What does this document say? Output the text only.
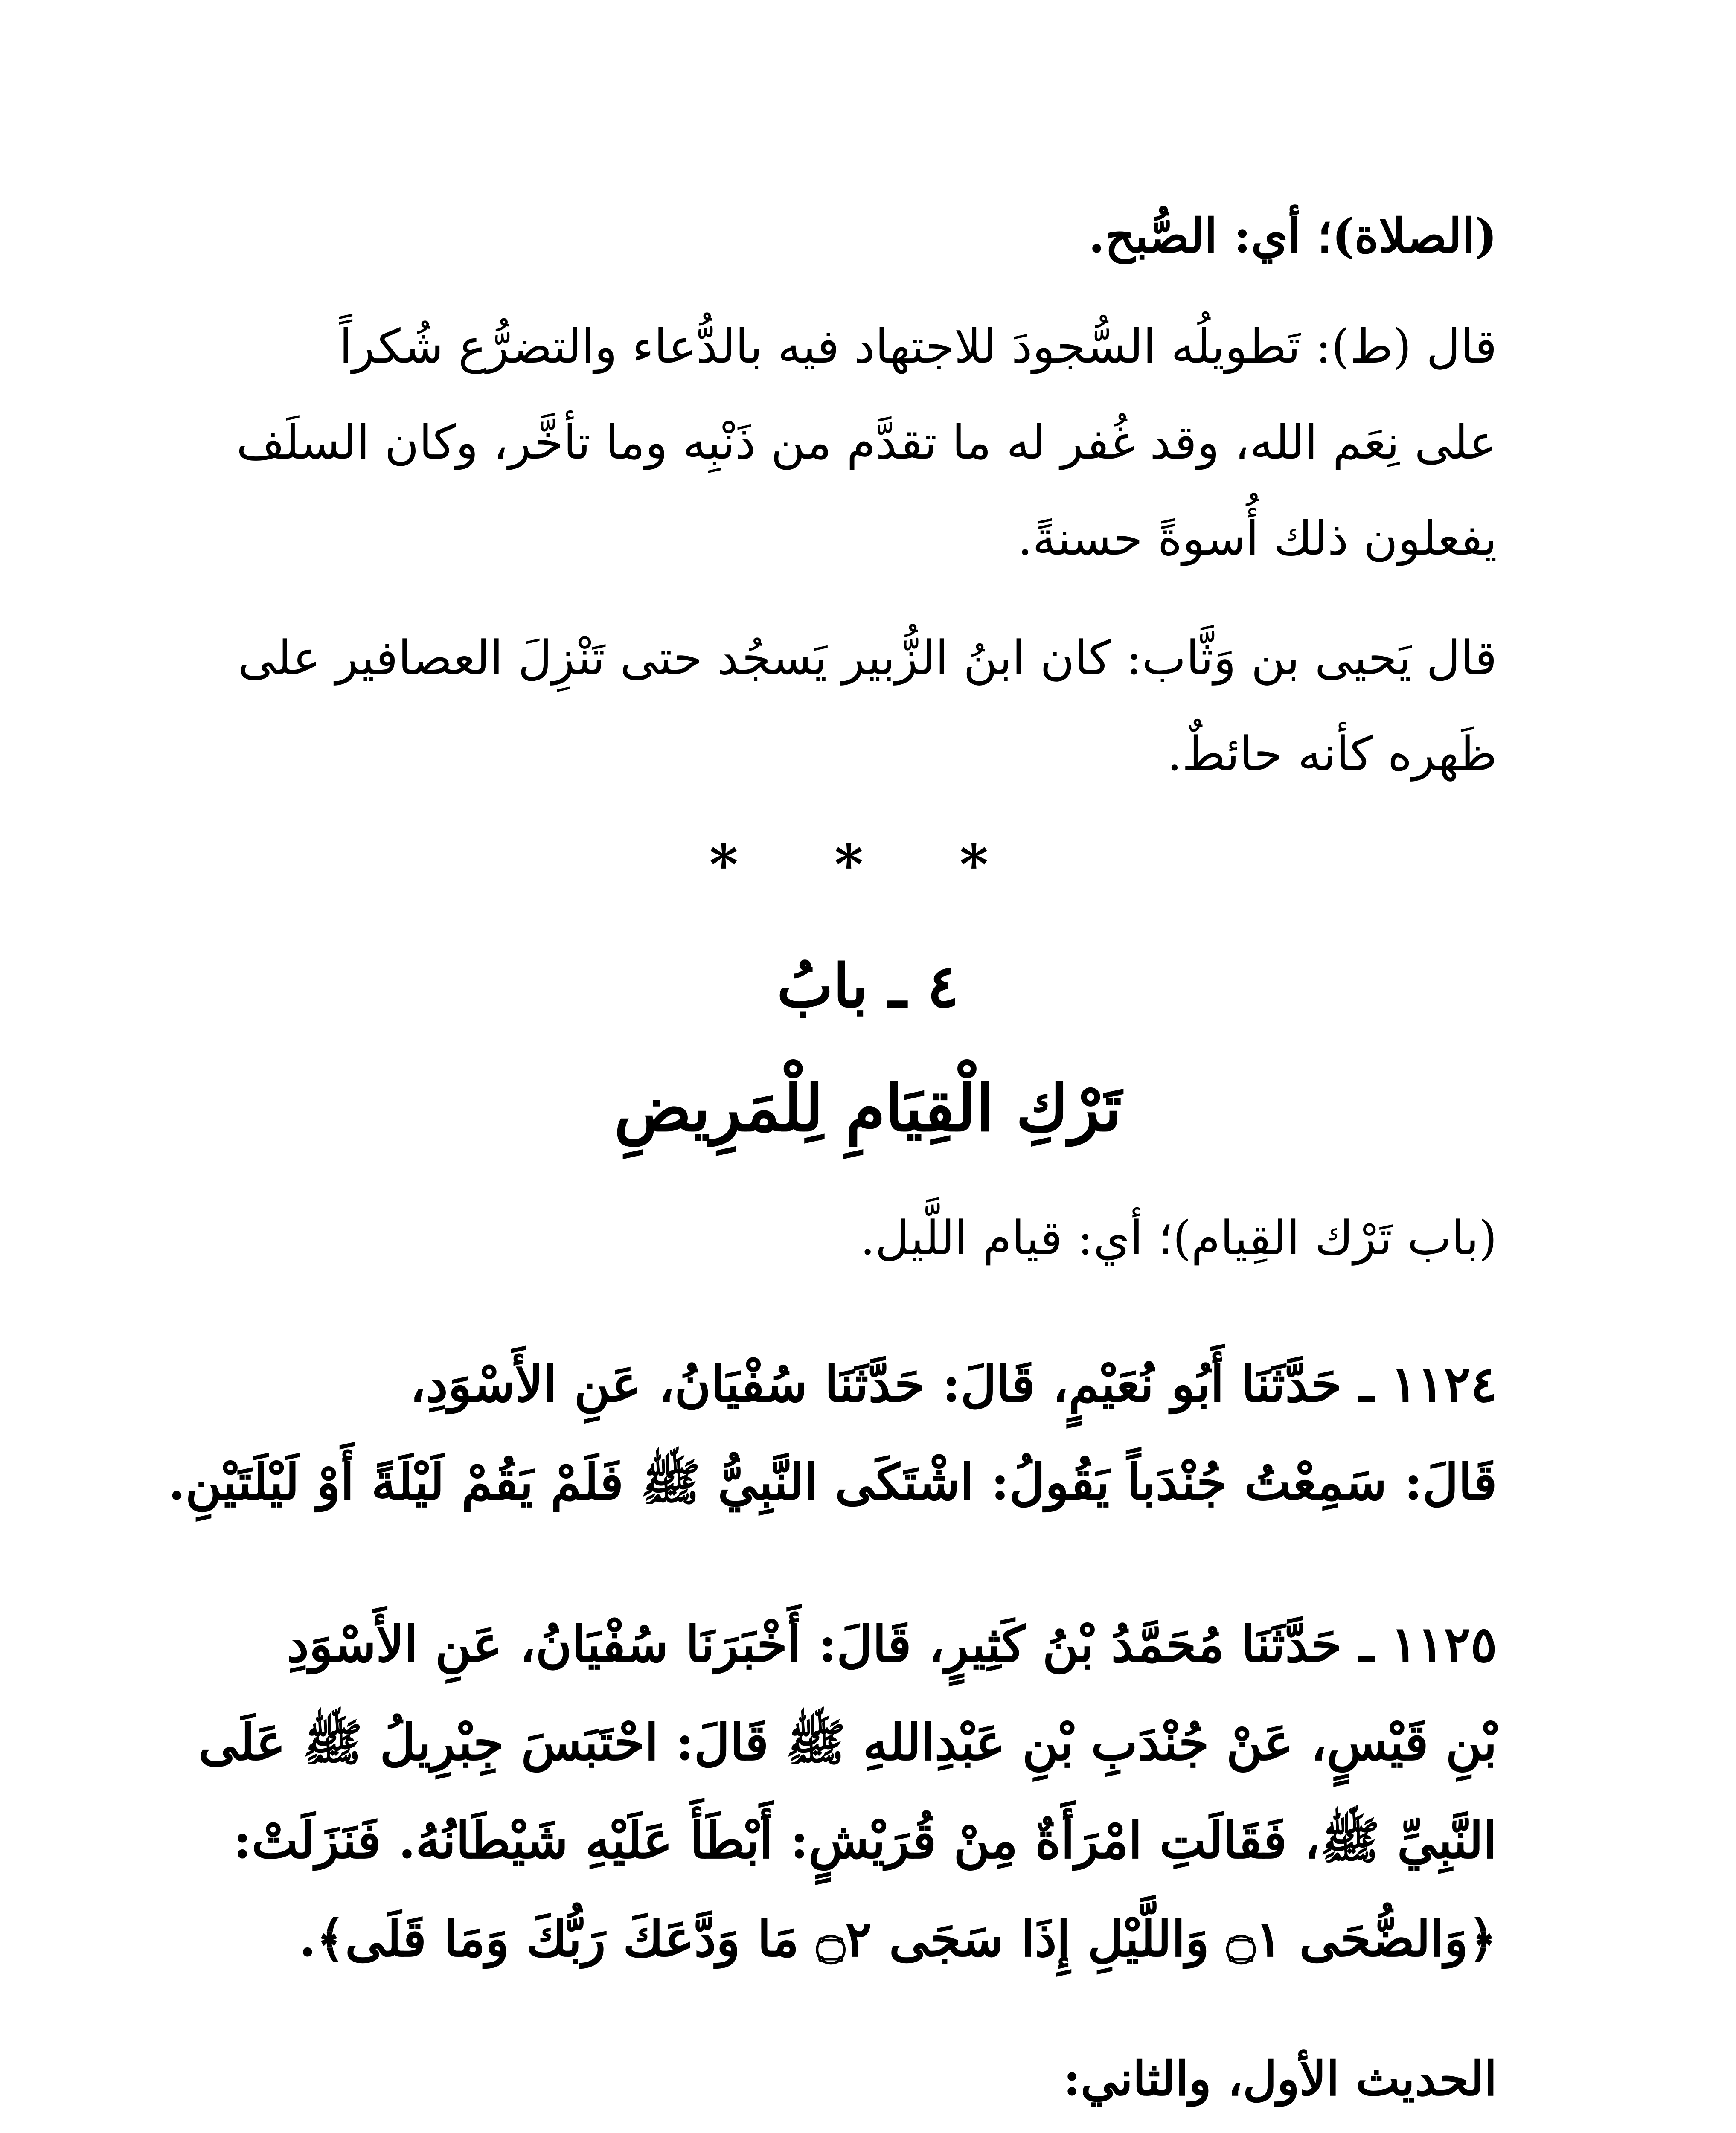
(الصلاة)؛ أي: الصُّبح.
قال (ط): تَطويلُه السُّجودَ للاجتهاد فيه بالدُّعاء والتضرُّع شُكراً
على نِعَم الله، وقد غُفر له ما تقدَّم من ذَنْبِه وما تأخَّر، وكان السلَف
يفعلون ذلك أُسوةً حسنةً.
قال يَحيى بن وَثَّاب: كان ابنُ الزُّبير يَسجُد حتى تَنْزِلَ العصافير على
ظَهره كأنه حائطٌ.
* * *
٤ ـ بابُ
تَرْكِ الْقِيَامِ لِلْمَرِيضِ
(باب تَرْك القِيام)؛ أي: قيام اللَّيل.
١١٢٤ ـ حَدَّثَنَا أَبُو نُعَيْمٍ، قَالَ: حَدَّثَنَا سُفْيَانُ، عَنِ الأَسْوَدِ،
قَالَ: سَمِعْتُ جُنْدَباً يَقُولُ: اشْتَكَى النَّبِيُّ ﷺ فَلَمْ يَقُمْ لَيْلَةً أَوْ لَيْلَتَيْنِ.
١١٢٥ ـ حَدَّثَنَا مُحَمَّدُ بْنُ كَثِيرٍ، قَالَ: أَخْبَرَنَا سُفْيَانُ، عَنِ الأَسْوَدِ
بْنِ قَيْسٍ، عَنْ جُنْدَبِ بْنِ عَبْدِاللهِ ﷺ قَالَ: احْتَبَسَ جِبْرِيلُ ﷺ عَلَى
النَّبِيِّ ﷺ، فَقَالَتِ امْرَأَةٌ مِنْ قُرَيْشٍ: أَبْطَأَ عَلَيْهِ شَيْطَانُهُ. فَنَزَلَتْ:
﴿وَالضُّحَى ۝١ وَاللَّيْلِ إِذَا سَجَى ۝٢ مَا وَدَّعَكَ رَبُّكَ وَمَا قَلَى﴾.
الحديث الأول، والثاني:
